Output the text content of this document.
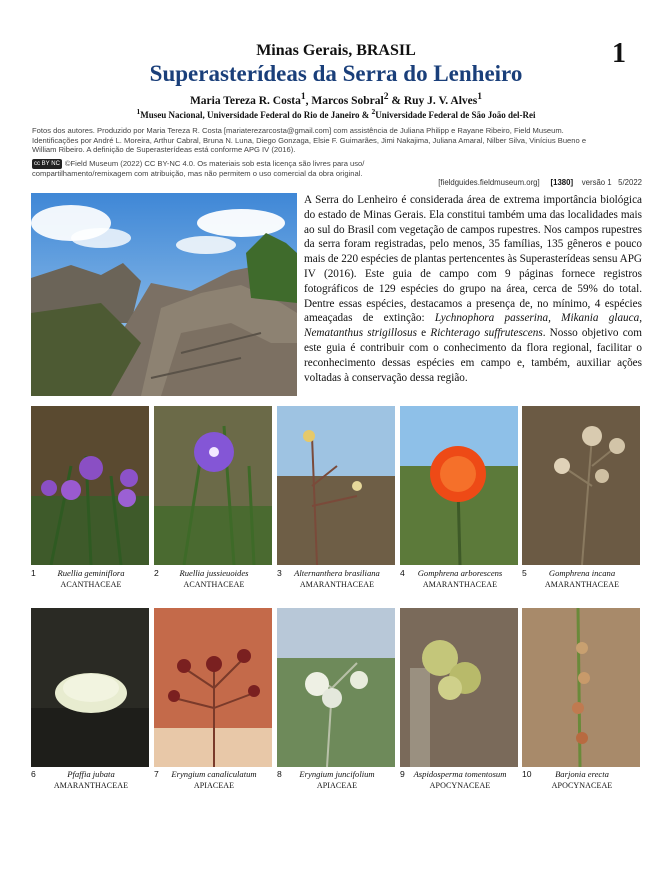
1
Minas Gerais, BRASIL
Superasterídeas da Serra do Lenheiro
Maria Tereza R. Costa$^1$, Marcos Sobral$^2$ & Ruy J. V. Alves$^1$
$^1$Museu Nacional, Universidade Federal do Rio de Janeiro & $^2$Universidade Federal de São João del-Rei
Fotos dos autores. Produzido por Maria Tereza R. Costa [mariaterezarcosta@gmail.com] com assistência de Juliana Philipp e Rayane Ribeiro, Field Museum.
Identificações por André L. Moreira, Arthur Cabral, Bruna N. Luna, Diego Gonzaga, Elsie F. Guimarães, Jimi Nakajima, Juliana Amaral, Nilber Silva, Vinícius Bueno e
William Ribeiro. A definição de Superasterídeas está conforme APG IV (2016).
cc BY NC ©Field Museum (2022) CC BY-NC 4.0. Os materiais sob esta licença são livres para uso/
compartilhamento/remixagem com atribuição, mas não permitem o uso comercial da obra original.
[fieldguides.fieldmuseum.org] [1380] versão 1 5/2022
A Serra do Lenheiro é considerada área de extrema importância biológica do estado de Minas Gerais. Ela constitui também uma das localidades mais ao sul do Brasil com vegetação de campos rupestres. Nos campos rupestres da serra foram registradas, pelo menos, 35 famílias, 135 gêneros e pouco mais de 220 espécies de plantas pertencentes às Superasterídeas sensu APG IV (2016). Este guia de campo com 9 páginas fornece registros fotográficos de 129 espécies do grupo na área, cerca de 59% do total. Dentre essas espécies, destacamos a presença de, no mínimo, 4 espécies ameaçadas de extinção: Lychnophora passerina, Mikania glauca, Nematanthus strigillosus e Richterago suffrutescens. Nosso objetivo com este guia é contribuir com o conhecimento da flora regional, facilitar o reconhecimento dessas espécies em campo e, também, auxiliar ações voltadas à conservação dessa região.
1	Ruellia geminiflora
ACANTHACEAE
2	Ruellia jussieuoides
ACANTHACEAE
3	Alternanthera brasiliana
AMARANTHACEAE
4	Gomphrena arborescens
AMARANTHACEAE
5	Gomphrena incana
AMARANTHACEAE
6	Pfaffia jubata
AMARANTHACEAE
7	Eryngium canaliculatum
APIACEAE
8	Eryngium juncifolium
APIACEAE
9	Aspidosperma tomentosum
APOCYNACEAE
10	Barjonia erecta
APOCYNACEAE
